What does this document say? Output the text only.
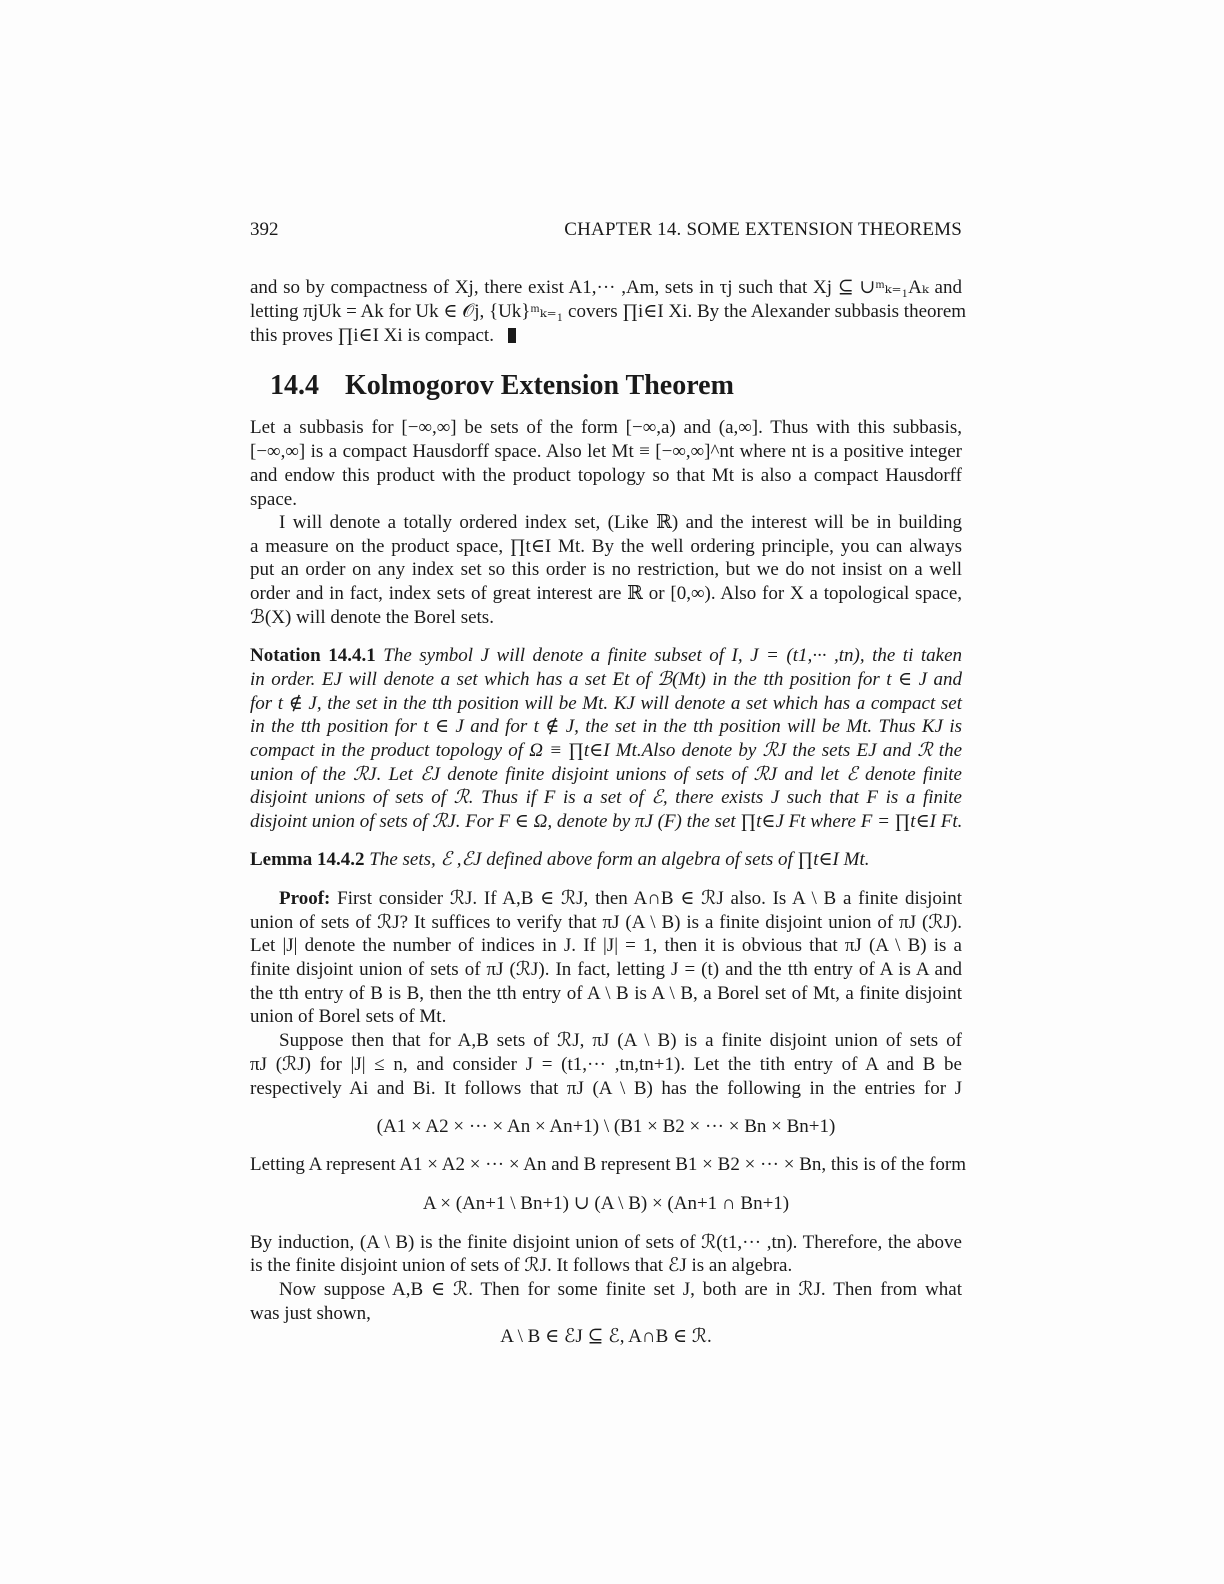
392	CHAPTER 14. SOME EXTENSION THEOREMS
and so by compactness of Xj, there exist A1,··· ,Am, sets in τj such that Xj ⊆ ∪ᵐₖ₌₁Aₖ and
letting πjUk = Ak for Uk ∈ 𝒪j, {Uk}ᵐₖ₌₁ covers ∏i∈I Xi. By the Alexander subbasis theorem
this proves ∏i∈I Xi is compact.
14.4 Kolmogorov Extension Theorem
Let a subbasis for [−∞,∞] be sets of the form [−∞,a) and (a,∞]. Thus with this subbasis,
[−∞,∞] is a compact Hausdorff space. Also let Mt ≡ [−∞,∞]^nt where nt is a positive integer
and endow this product with the product topology so that Mt is also a compact Hausdorff
space.
I will denote a totally ordered index set, (Like ℝ) and the interest will be in building
a measure on the product space, ∏t∈I Mt. By the well ordering principle, you can always
put an order on any index set so this order is no restriction, but we do not insist on a well
order and in fact, index sets of great interest are ℝ or [0,∞). Also for X a topological space,
ℬ(X) will denote the Borel sets.
Notation 14.4.1 The symbol J will denote a finite subset of I, J = (t1,··· ,tn), the ti taken
in order. EJ will denote a set which has a set Et of ℬ(Mt) in the tth position for t ∈ J and
for t ∉ J, the set in the tth position will be Mt. KJ will denote a set which has a compact set
in the tth position for t ∈ J and for t ∉ J, the set in the tth position will be Mt. Thus KJ is
compact in the product topology of Ω ≡ ∏t∈I Mt.Also denote by ℛJ the sets EJ and ℛ the
union of the ℛJ. Let ℰJ denote finite disjoint unions of sets of ℛJ and let ℰ denote finite
disjoint unions of sets of ℛ. Thus if F is a set of ℰ, there exists J such that F is a finite
disjoint union of sets of ℛJ. For F ∈ Ω, denote by πJ (F) the set ∏t∈J Ft where F = ∏t∈I Ft.
Lemma 14.4.2 The sets, ℰ ,ℰJ defined above form an algebra of sets of ∏t∈I Mt.
Proof: First consider ℛJ. If A,B ∈ ℛJ, then A∩B ∈ ℛJ also. Is A \ B a finite disjoint
union of sets of ℛJ? It suffices to verify that πJ (A \ B) is a finite disjoint union of πJ (ℛJ).
Let |J| denote the number of indices in J. If |J| = 1, then it is obvious that πJ (A \ B) is a
finite disjoint union of sets of πJ (ℛJ). In fact, letting J = (t) and the tth entry of A is A and
the tth entry of B is B, then the tth entry of A \ B is A \ B, a Borel set of Mt, a finite disjoint
union of Borel sets of Mt.
Suppose then that for A,B sets of ℛJ, πJ (A \ B) is a finite disjoint union of sets of
πJ (ℛJ) for |J| ≤ n, and consider J = (t1,··· ,tn,tn+1). Let the tith entry of A and B be
respectively Ai and Bi. It follows that πJ (A \ B) has the following in the entries for J
(A1 × A2 × ··· × An × An+1) \ (B1 × B2 × ··· × Bn × Bn+1)
Letting A represent A1 × A2 × ··· × An and B represent B1 × B2 × ··· × Bn, this is of the form
A × (An+1 \ Bn+1) ∪ (A \ B) × (An+1 ∩ Bn+1)
By induction, (A \ B) is the finite disjoint union of sets of ℛ(t1,··· ,tn). Therefore, the above
is the finite disjoint union of sets of ℛJ. It follows that ℰJ is an algebra.
Now suppose A,B ∈ ℛ. Then for some finite set J, both are in ℛJ. Then from what
was just shown,
A \ B ∈ ℰJ ⊆ ℰ, A∩B ∈ ℛ.
